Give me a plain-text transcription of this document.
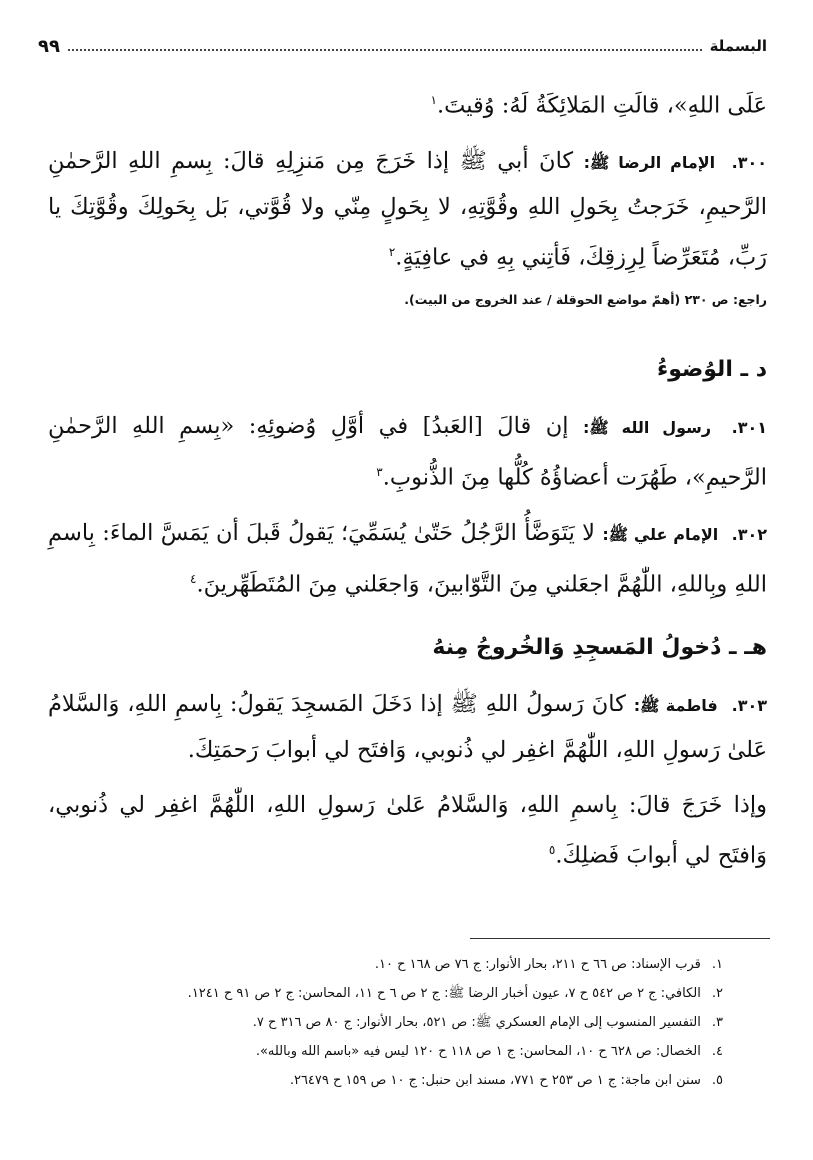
البسملة
٩٩

عَلَى اللهِ»، قالَتِ المَلائِكَةُ لَهُ: وُقيتَ.$^١$

٣٠٠. الإمام الرضا ﷺ: كانَ أبي ﷺ إذا خَرَجَ مِن مَنزِلِهِ قالَ: بِسمِ اللهِ الرَّحمٰنِ الرَّحيمِ، خَرَجتُ بِحَولِ اللهِ وقُوَّتِهِ، لا بِحَولٍ مِنّي ولا قُوَّتي، بَل بِحَولِكَ وقُوَّتِكَ يا رَبِّ، مُتَعَرِّضاً لِرِزقِكَ، فَأتِني بِهِ في عافِيَةٍ.$^٢$

راجع: ص ٢٣٠ (أهمّ مواضع الحوقلة / عند الخروج من البيت).

د ـ الوُضوءُ

٣٠١. رسول الله ﷺ: إن قالَ [العَبدُ] في أوَّلِ وُضوئِهِ: «بِسمِ اللهِ الرَّحمٰنِ الرَّحيمِ»، طَهُرَت أعضاؤُهُ كُلُّها مِنَ الذُّنوبِ.$^٣$

٣٠٢. الإمام علي ﷺ: لا يَتَوَضَّأُ الرَّجُلُ حَتّىٰ يُسَمِّيَ؛ يَقولُ قَبلَ أن يَمَسَّ الماءَ: بِاسمِ اللهِ وبِاللهِ، اللّٰهُمَّ اجعَلني مِنَ التَّوّابينَ، وَاجعَلني مِنَ المُتَطَهِّرينَ.$^٤$

هـ ـ دُخولُ المَسجِدِ وَالخُروجُ مِنهُ

٣٠٣. فاطمة ﷺ: كانَ رَسولُ اللهِ ﷺ إذا دَخَلَ المَسجِدَ يَقولُ: بِاسمِ اللهِ، وَالسَّلامُ عَلىٰ رَسولِ اللهِ، اللّٰهُمَّ اغفِر لي ذُنوبي، وَافتَح لي أبوابَ رَحمَتِكَ.

وإذا خَرَجَ قالَ: بِاسمِ اللهِ، وَالسَّلامُ عَلىٰ رَسولِ اللهِ، اللّٰهُمَّ اغفِر لي ذُنوبي، وَافتَح لي أبوابَ فَضلِكَ.$^٥$

١. قرب الإسناد: ص ٦٦ ح ٢١١، بحار الأنوار: ج ٧٦ ص ١٦٨ ح ١٠.
٢. الكافي: ج ٢ ص ٥٤٢ ح ٧، عيون أخبار الرضا ﷺ: ج ٢ ص ٦ ح ١١، المحاسن: ج ٢ ص ٩١ ح ١٢٤١.
٣. التفسير المنسوب إلى الإمام العسكري ﷺ: ص ٥٢١، بحار الأنوار: ج ٨٠ ص ٣١٦ ح ٧.
٤. الخصال: ص ٦٢٨ ح ١٠، المحاسن: ج ١ ص ١١٨ ح ١٢٠ ليس فيه «باسم الله وبالله».
٥. سنن ابن ماجة: ج ١ ص ٢٥٣ ح ٧٧١، مسند ابن حنبل: ج ١٠ ص ١٥٩ ح ٢٦٤٧٩.
